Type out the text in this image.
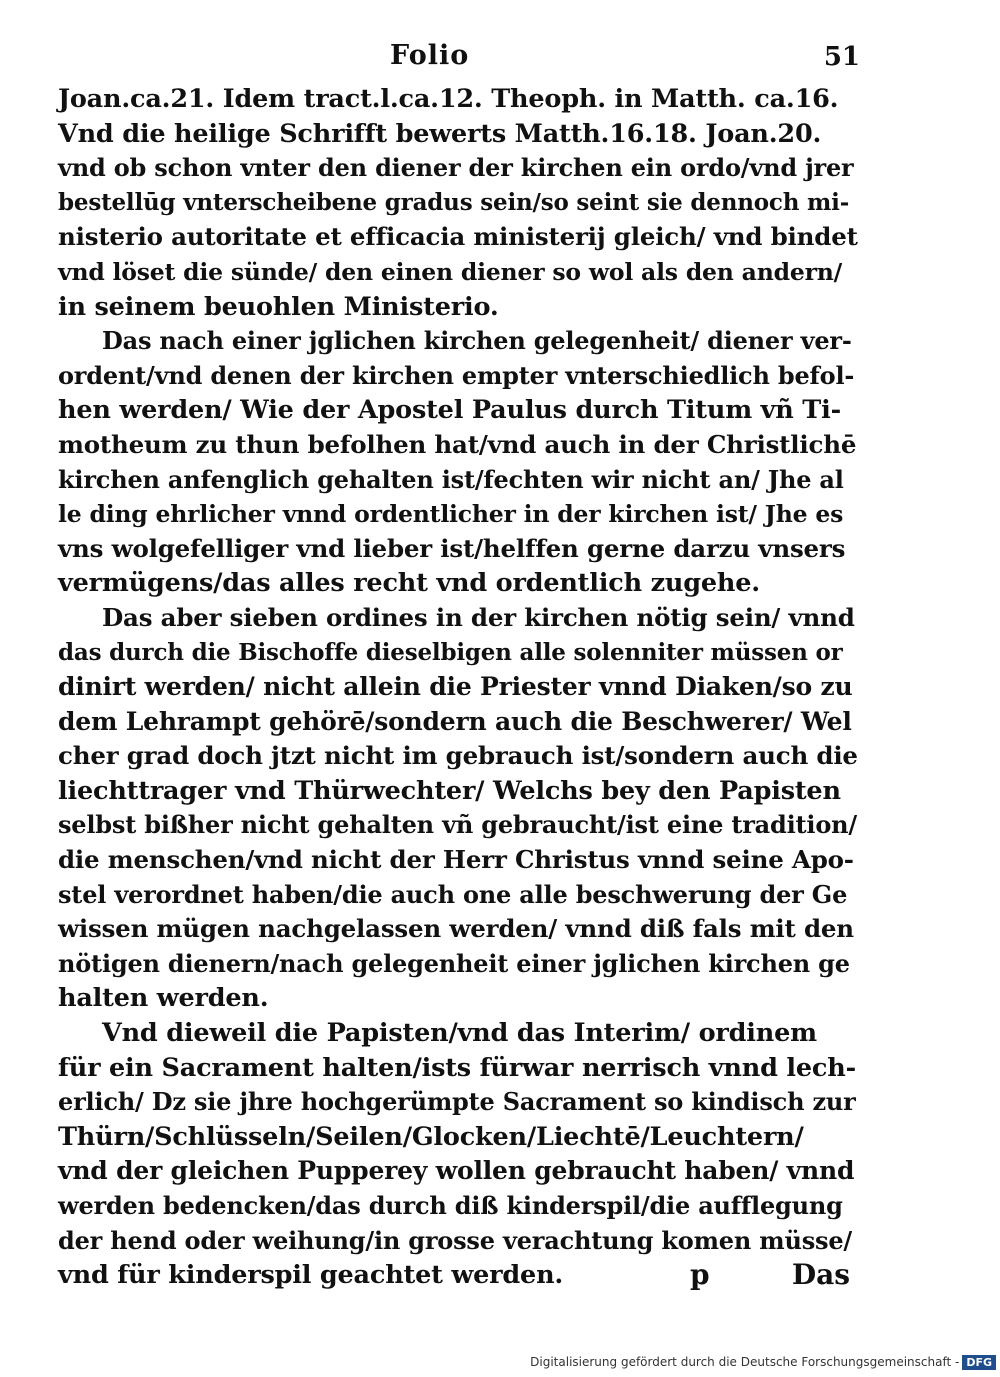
Folio	51
Joan.ca.21. Idem tract.l.ca.12. Theoph. in Matth. ca.16.
Vnd die heilige Schrifft bewerts Matth.16.18. Joan.20.
vnd ob schon vnter den diener der kirchen ein ordo/vnd jrer
bestellūg vnterscheibene gradus sein/so seint sie dennoch mi-
nisterio autoritate et efficacia ministerij gleich/ vnd bindet
vnd löset die sünde/ den einen diener so wol als den andern/
in seinem beuohlen Ministerio.
Das nach einer jglichen kirchen gelegenheit/ diener ver-
ordent/vnd denen der kirchen empter vnterschiedlich befol-
hen werden/ Wie der Apostel Paulus durch Titum vñ Ti-
motheum zu thun befolhen hat/vnd auch in der Christlichē
kirchen anfenglich gehalten ist/fechten wir nicht an/ Jhe al
le ding ehrlicher vnnd ordentlicher in der kirchen ist/ Jhe es
vns wolgefelliger vnd lieber ist/helffen gerne darzu vnsers
vermügens/das alles recht vnd ordentlich zugehe.
Das aber sieben ordines in der kirchen nötig sein/ vnnd
das durch die Bischoffe dieselbigen alle solenniter müssen or
dinirt werden/ nicht allein die Priester vnnd Diaken/so zu
dem Lehrampt gehörē/sondern auch die Beschwerer/ Wel
cher grad doch jtzt nicht im gebrauch ist/sondern auch die
liechttrager vnd Thürwechter/ Welchs bey den Papisten
selbst bißher nicht gehalten vñ gebraucht/ist eine tradition/
die menschen/vnd nicht der Herr Christus vnnd seine Apo-
stel verordnet haben/die auch one alle beschwerung der Ge
wissen mügen nachgelassen werden/ vnnd diß fals mit den
nötigen dienern/nach gelegenheit einer jglichen kirchen ge
halten werden.
Vnd dieweil die Papisten/vnd das Interim/ ordinem
für ein Sacrament halten/ists fürwar nerrisch vnnd lech-
erlich/ Dz sie jhre hochgerümpte Sacrament so kindisch zur
Thürn/Schlüsseln/Seilen/Glocken/Liechtē/Leuchtern/
vnd der gleichen Pupperey wollen gebraucht haben/ vnnd
werden bedencken/das durch diß kinderspil/die aufflegung
der hend oder weihung/in grosse verachtung komen müsse/
vnd für kinderspil geachtet werden.	p	Das
Digitalisierung gefördert durch die Deutsche Forschungsgemeinschaft - DFG
